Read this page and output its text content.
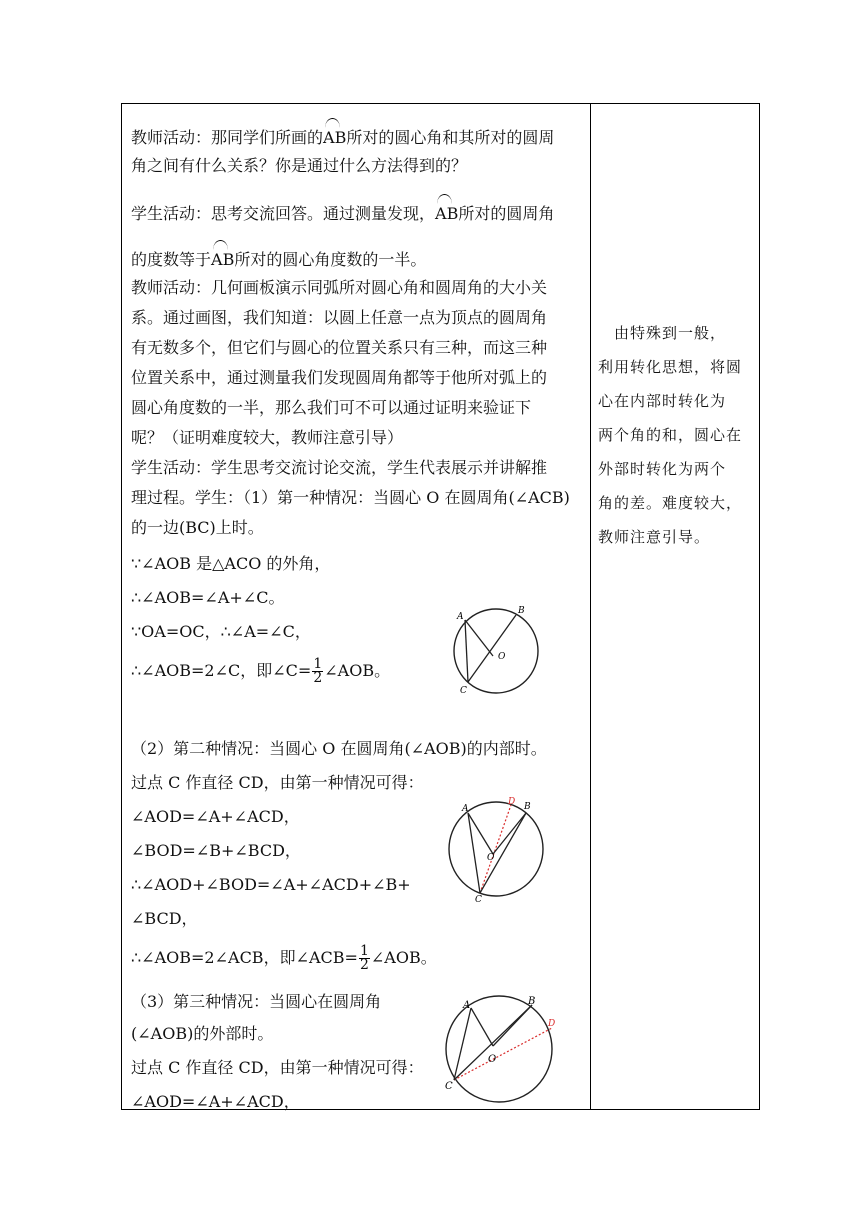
教师活动：那同学们所画的AB所对的圆心角和其所对的圆周
角之间有什么关系？你是通过什么方法得到的？
学生活动：思考交流回答。通过测量发现，AB所对的圆周角
的度数等于AB所对的圆心角度数的一半。
教师活动：几何画板演示同弧所对圆心角和圆周角的大小关
系。通过画图，我们知道：以圆上任意一点为顶点的圆周角
有无数多个，但它们与圆心的位置关系只有三种，而这三种
位置关系中，通过测量我们发现圆周角都等于他所对弧上的
圆心角度数的一半，那么我们可不可以通过证明来验证下
呢？（证明难度较大，教师注意引导）
学生活动：学生思考交流讨论交流，学生代表展示并讲解推
理过程。学生：（1）第一种情况：当圆心 O 在圆周角(∠ACB)
的一边(BC)上时。
∵∠AOB 是△ACO 的外角，
∴∠AOB=∠A+∠C。
∵OA=OC，∴∠A=∠C，
∴∠AOB=2∠C，即∠C= $\frac{1}{2}$ ∠AOB。
（2）第二种情况：当圆心 O 在圆周角(∠AOB)的内部时。
过点 C 作直径 CD，由第一种情况可得：
∠AOD=∠A+∠ACD，
∠BOD=∠B+∠BCD，
∴∠AOD+∠BOD=∠A+∠ACD+∠B+
∠BCD，
∴∠AOB=2∠ACB，即∠ACB= $\frac{1}{2}$ ∠AOB。
（3）第三种情况：当圆心在圆周角
(∠AOB)的外部时。
过点 C 作直径 CD，由第一种情况可得：
∠AOD=∠A+∠ACD，
　由特殊到一般，
利用转化思想，将圆
心在内部时转化为
两个角的和，圆心在
外部时转化为两个
角的差。难度较大，
教师注意引导。
A
B
O
C
A
D B
O
C
A	B
D
O
C
